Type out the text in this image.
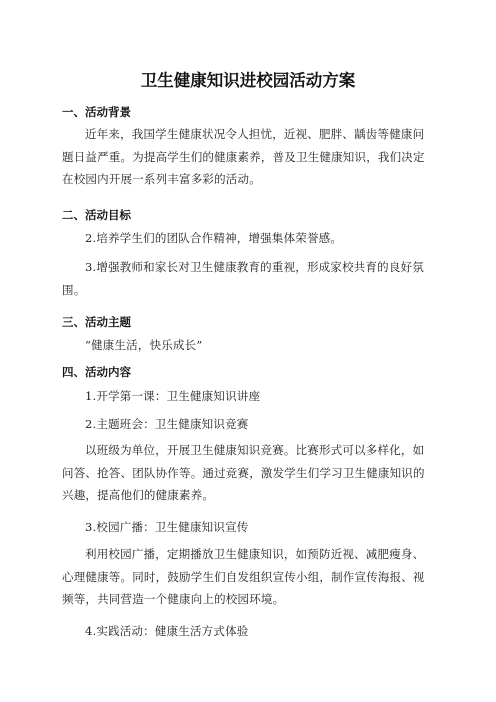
卫生健康知识进校园活动方案
一、活动背景
近年来，我国学生健康状况令人担忧，近视、肥胖、龋齿等健康问题日益严重。为提高学生们的健康素养，普及卫生健康知识，我们决定在校园内开展一系列丰富多彩的活动。
二、活动目标
2.培养学生们的团队合作精神，增强集体荣誉感。
3.增强教师和家长对卫生健康教育的重视，形成家校共育的良好氛围。
三、活动主题
“健康生活，快乐成长”
四、活动内容
1.开学第一课：卫生健康知识讲座
2.主题班会：卫生健康知识竞赛
以班级为单位，开展卫生健康知识竞赛。比赛形式可以多样化，如问答、抢答、团队协作等。通过竞赛，激发学生们学习卫生健康知识的兴趣，提高他们的健康素养。
3.校园广播：卫生健康知识宣传
利用校园广播，定期播放卫生健康知识，如预防近视、减肥瘦身、心理健康等。同时，鼓励学生们自发组织宣传小组，制作宣传海报、视频等，共同营造一个健康向上的校园环境。
4.实践活动：健康生活方式体验
